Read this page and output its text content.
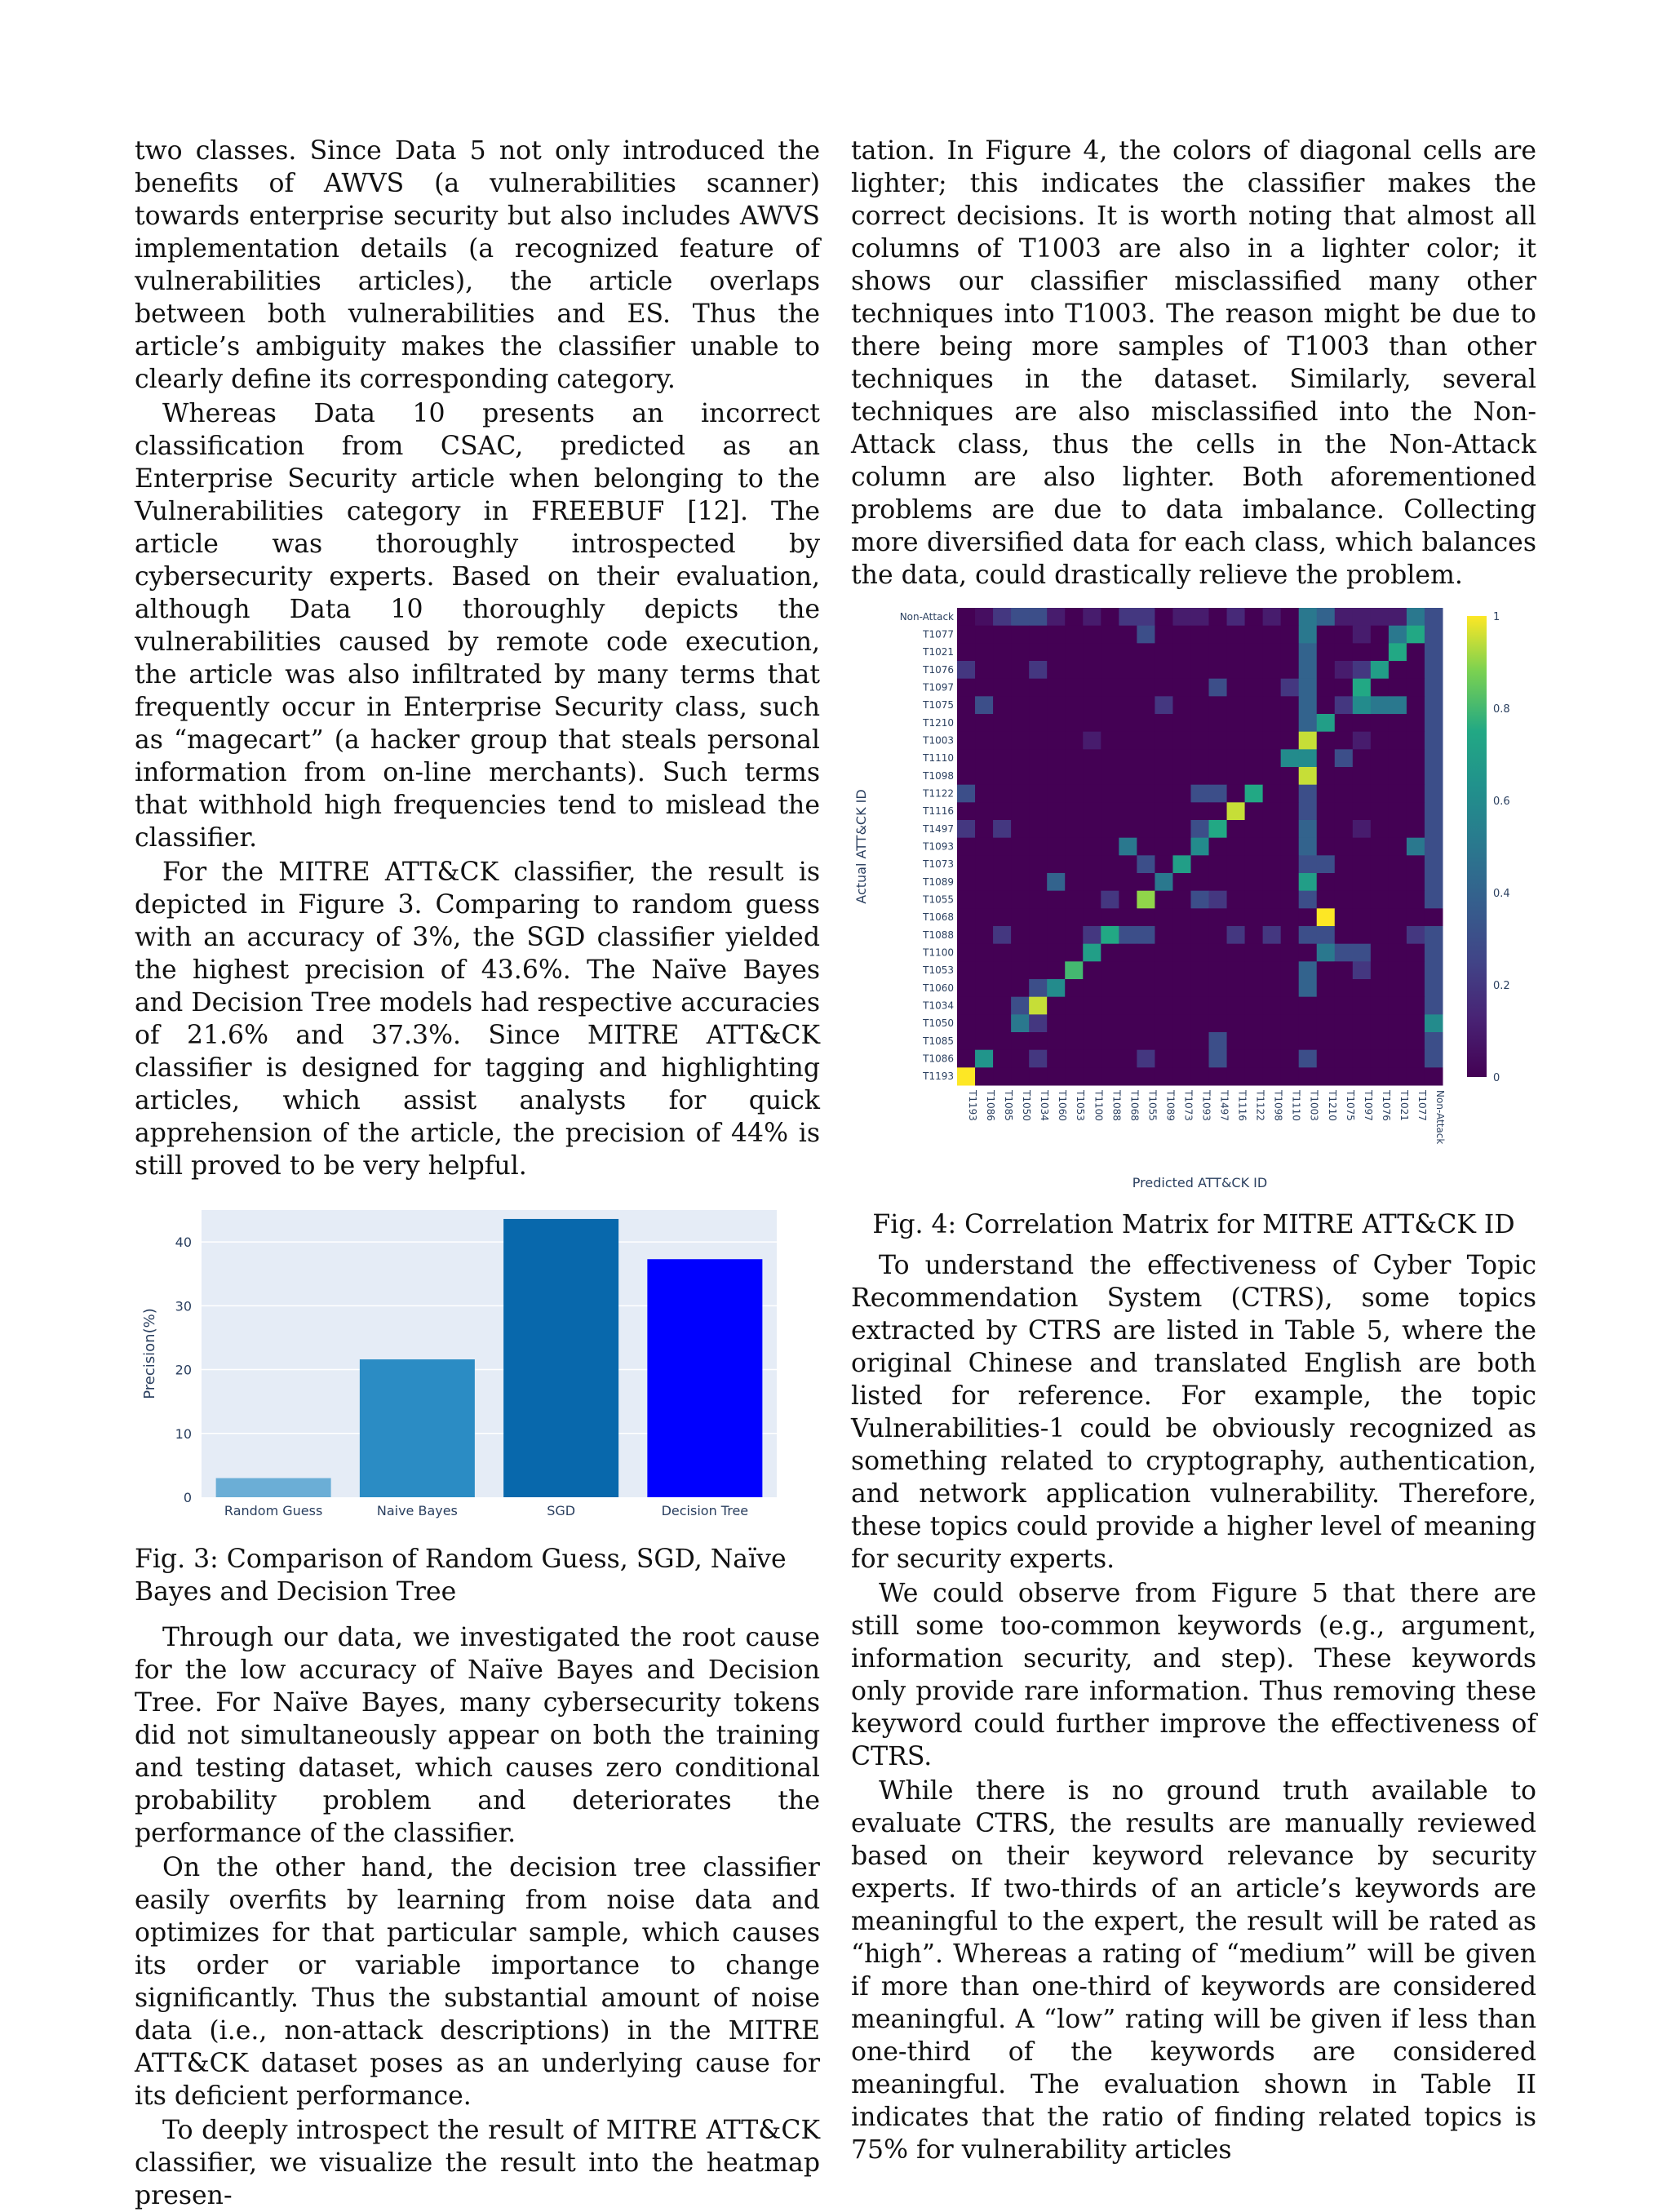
two classes. Since Data 5 not only introduced the benefits of AWVS (a vulnerabilities scanner) towards enterprise security but also includes AWVS implementation details (a recognized feature of vulnerabilities articles), the article overlaps between both vulnerabilities and ES. Thus the article’s ambiguity makes the classifier unable to clearly define its corresponding category.

Whereas Data 10 presents an incorrect classification from CSAC, predicted as an Enterprise Security article when belonging to the Vulnerabilities category in FREEBUF [12]. The article was thoroughly introspected by cybersecurity experts. Based on their evaluation, although Data 10 thoroughly depicts the vulnerabilities caused by remote code execution, the article was also infiltrated by many terms that frequently occur in Enterprise Security class, such as “magecart” (a hacker group that steals personal information from on-line merchants). Such terms that withhold high frequencies tend to mislead the classifier.

For the MITRE ATT&CK classifier, the result is depicted in Figure 3. Comparing to random guess with an accuracy of 3%, the SGD classifier yielded the highest precision of 43.6%. The Naïve Bayes and Decision Tree models had respective accuracies of 21.6% and 37.3%. Since MITRE ATT&CK classifier is designed for tagging and highlighting articles, which assist analysts for quick apprehension of the article, the precision of 44% is still proved to be very helpful.

0
10
20
30
40
Random Guess	Naive Bayes	SGD	Decision Tree
Precision(%)

Fig. 3: Comparison of Random Guess, SGD, Naïve Bayes and Decision Tree

Through our data, we investigated the root cause for the low accuracy of Naïve Bayes and Decision Tree. For Naïve Bayes, many cybersecurity tokens did not simultaneously appear on both the training and testing dataset, which causes zero conditional probability problem and deteriorates the performance of the classifier.

On the other hand, the decision tree classifier easily overfits by learning from noise data and optimizes for that particular sample, which causes its order or variable importance to change significantly. Thus the substantial amount of noise data (i.e., non-attack descriptions) in the MITRE ATT&CK dataset poses as an underlying cause for its deficient performance.

To deeply introspect the result of MITRE ATT&CK classifier, we visualize the result into the heatmap presen-

tation. In Figure 4, the colors of diagonal cells are lighter; this indicates the classifier makes the correct decisions. It is worth noting that almost all columns of T1003 are also in a lighter color; it shows our classifier misclassified many other techniques into T1003. The reason might be due to there being more samples of T1003 than other techniques in the dataset. Similarly, several techniques are also misclassified into the Non-Attack class, thus the cells in the Non-Attack column are also lighter. Both aforementioned problems are due to data imbalance. Collecting more diversified data for each class, which balances the data, could drastically relieve the problem.

Non-Attack
T1077
T1021
T1076
T1097
T1075
T1210
T1003
T1110
T1098
T1122
T1116
T1497
T1093
T1073
T1089
T1055
T1068
T1088
T1100
T1053
T1060
T1034
T1050
T1085
T1086
T1193
T1193 T1086 T1085 T1050 T1034 T1060 T1053 T1100 T1088 T1068 T1055 T1089 T1073 T1093 T1497 T1116 T1122 T1098 T1110 T1003 T1210 T1075 T1097 T1076 T1021 T1077 Non-Attack
Predicted ATT&CK ID
Actual ATT&CK ID
1
0.8
0.6
0.4
0.2
0

Fig. 4: Correlation Matrix for MITRE ATT&CK ID

To understand the effectiveness of Cyber Topic Recommendation System (CTRS), some topics extracted by CTRS are listed in Table 5, where the original Chinese and translated English are both listed for reference. For example, the topic Vulnerabilities-1 could be obviously recognized as something related to cryptography, authentication, and network application vulnerability. Therefore, these topics could provide a higher level of meaning for security experts.

We could observe from Figure 5 that there are still some too-common keywords (e.g., argument, information security, and step). These keywords only provide rare information. Thus removing these keyword could further improve the effectiveness of CTRS.

While there is no ground truth available to evaluate CTRS, the results are manually reviewed based on their keyword relevance by security experts. If two-thirds of an article’s keywords are meaningful to the expert, the result will be rated as “high”. Whereas a rating of “medium” will be given if more than one-third of keywords are considered meaningful. A “low” rating will be given if less than one-third of the keywords are considered meaningful. The evaluation shown in Table II indicates that the ratio of finding related topics is 75% for vulnerability articles
